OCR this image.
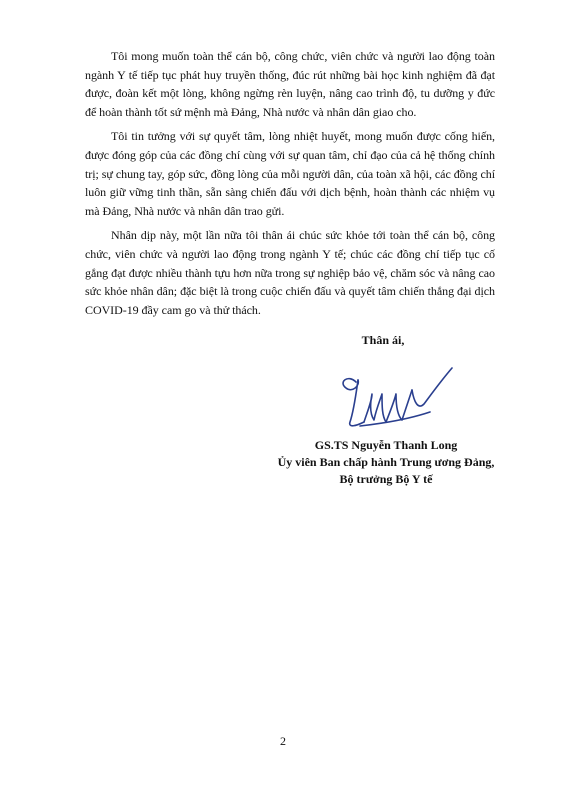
Tôi mong muốn toàn thể cán bộ, công chức, viên chức và người lao động toàn ngành Y tế tiếp tục phát huy truyền thống, đúc rút những bài học kinh nghiệm đã đạt được, đoàn kết một lòng, không ngừng rèn luyện, nâng cao trình độ, tu dưỡng y đức để hoàn thành tốt sứ mệnh mà Đảng, Nhà nước và nhân dân giao cho.

Tôi tin tưởng với sự quyết tâm, lòng nhiệt huyết, mong muốn được cống hiến, được đóng góp của các đồng chí cùng với sự quan tâm, chỉ đạo của cả hệ thống chính trị; sự chung tay, góp sức, đồng lòng của mỗi người dân, của toàn xã hội, các đồng chí luôn giữ vững tinh thần, sẵn sàng chiến đấu với dịch bệnh, hoàn thành các nhiệm vụ mà Đảng, Nhà nước và nhân dân trao gửi.

Nhân dịp này, một lần nữa tôi thân ái chúc sức khỏe tới toàn thể cán bộ, công chức, viên chức và người lao động trong ngành Y tế; chúc các đồng chí tiếp tục cố gắng đạt được nhiều thành tựu hơn nữa trong sự nghiệp bảo vệ, chăm sóc và nâng cao sức khỏe nhân dân; đặc biệt là trong cuộc chiến đấu và quyết tâm chiến thắng đại dịch COVID-19 đầy cam go và thử thách.

Thân ái,

GS.TS Nguyễn Thanh Long
Ủy viên Ban chấp hành Trung ương Đảng,
Bộ trưởng Bộ Y tế
2
